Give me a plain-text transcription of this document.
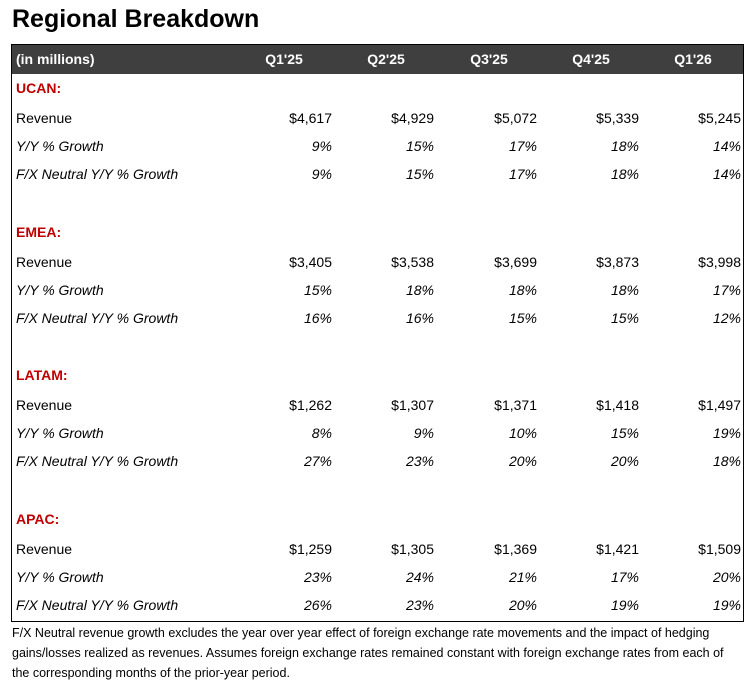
Regional Breakdown
(in millions)	Q1'25	Q2'25	Q3'25	Q4'25	Q1'26
UCAN:
Revenue	$4,617	$4,929	$5,072	$5,339	$5,245
Y/Y % Growth	9%	15%	17%	18%	14%
F/X Neutral Y/Y % Growth	9%	15%	17%	18%	14%
EMEA:
Revenue	$3,405	$3,538	$3,699	$3,873	$3,998
Y/Y % Growth	15%	18%	18%	18%	17%
F/X Neutral Y/Y % Growth	16%	16%	15%	15%	12%
LATAM:
Revenue	$1,262	$1,307	$1,371	$1,418	$1,497
Y/Y % Growth	8%	9%	10%	15%	19%
F/X Neutral Y/Y % Growth	27%	23%	20%	20%	18%
APAC:
Revenue	$1,259	$1,305	$1,369	$1,421	$1,509
Y/Y % Growth	23%	24%	21%	17%	20%
F/X Neutral Y/Y % Growth	26%	23%	20%	19%	19%
F/X Neutral revenue growth excludes the year over year effect of foreign exchange rate movements and the impact of hedging gains/losses realized as revenues. Assumes foreign exchange rates remained constant with foreign exchange rates from each of the corresponding months of the prior-year period.
